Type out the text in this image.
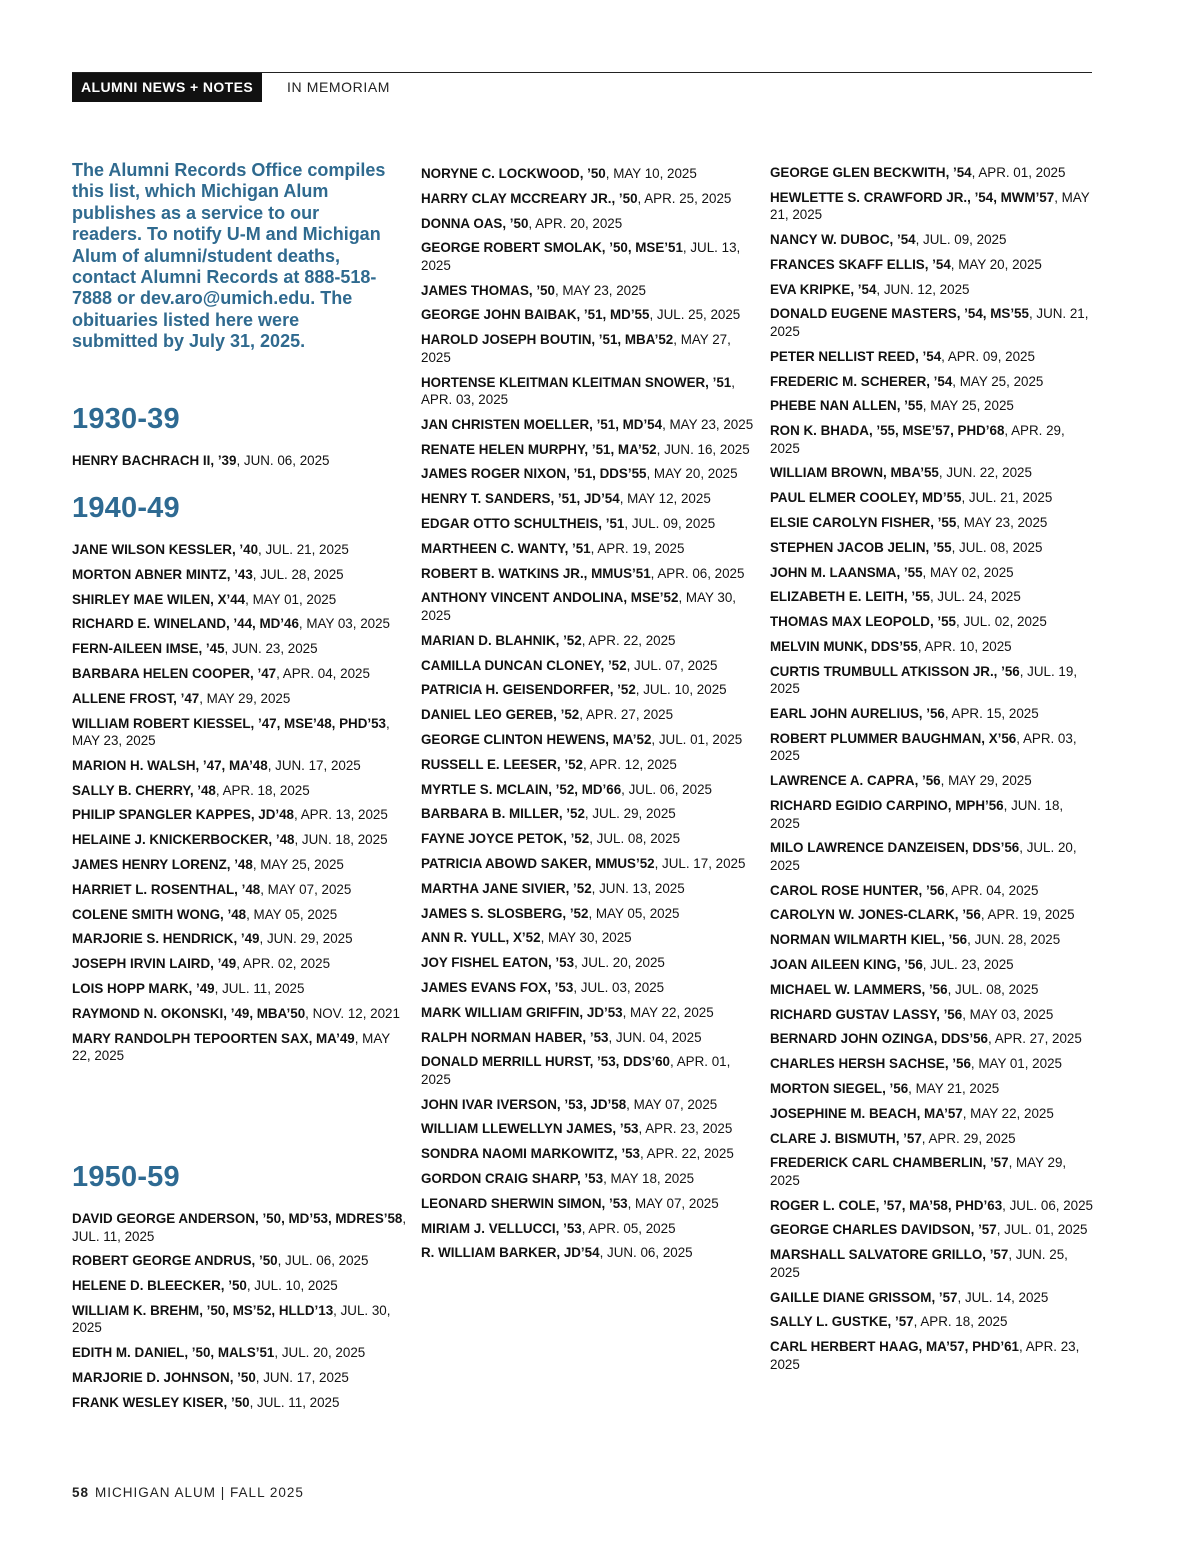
ALUMNI NEWS + NOTES	IN MEMORIAM
The Alumni Records Office compiles this list, which Michigan Alum publishes as a service to our readers. To notify U-M and Michigan Alum of alumni/student deaths, contact Alumni Records at 888-518-7888 or dev.aro@umich.edu. The obituaries listed here were submitted by July 31, 2025.
1930-39
HENRY BACHRACH II, ’39, JUN. 06, 2025
1940-49
JANE WILSON KESSLER, ’40, JUL. 21, 2025
MORTON ABNER MINTZ, ’43, JUL. 28, 2025
SHIRLEY MAE WILEN, X’44, MAY 01, 2025
RICHARD E. WINELAND, ’44, MD’46, MAY 03, 2025
FERN-AILEEN IMSE, ’45, JUN. 23, 2025
BARBARA HELEN COOPER, ’47, APR. 04, 2025
ALLENE FROST, ’47, MAY 29, 2025
WILLIAM ROBERT KIESSEL, ’47, MSE’48, PHD’53, MAY 23, 2025
MARION H. WALSH, ’47, MA’48, JUN. 17, 2025
SALLY B. CHERRY, ’48, APR. 18, 2025
PHILIP SPANGLER KAPPES, JD’48, APR. 13, 2025
HELAINE J. KNICKERBOCKER, ’48, JUN. 18, 2025
JAMES HENRY LORENZ, ’48, MAY 25, 2025
HARRIET L. ROSENTHAL, ’48, MAY 07, 2025
COLENE SMITH WONG, ’48, MAY 05, 2025
MARJORIE S. HENDRICK, ’49, JUN. 29, 2025
JOSEPH IRVIN LAIRD, ’49, APR. 02, 2025
LOIS HOPP MARK, ’49, JUL. 11, 2025
RAYMOND N. OKONSKI, ’49, MBA’50, NOV. 12, 2021
MARY RANDOLPH TEPOORTEN SAX, MA’49, MAY 22, 2025
1950-59
DAVID GEORGE ANDERSON, ’50, MD’53, MDRES’58, JUL. 11, 2025
ROBERT GEORGE ANDRUS, ’50, JUL. 06, 2025
HELENE D. BLEECKER, ’50, JUL. 10, 2025
WILLIAM K. BREHM, ’50, MS’52, HLLD’13, JUL. 30, 2025
EDITH M. DANIEL, ’50, MALS’51, JUL. 20, 2025
MARJORIE D. JOHNSON, ’50, JUN. 17, 2025
FRANK WESLEY KISER, ’50, JUL. 11, 2025
NORYNE C. LOCKWOOD, ’50, MAY 10, 2025
HARRY CLAY MCCREARY JR., ’50, APR. 25, 2025
DONNA OAS, ’50, APR. 20, 2025
GEORGE ROBERT SMOLAK, ’50, MSE’51, JUL. 13, 2025
JAMES THOMAS, ’50, MAY 23, 2025
GEORGE JOHN BAIBAK, ’51, MD’55, JUL. 25, 2025
HAROLD JOSEPH BOUTIN, ’51, MBA’52, MAY 27, 2025
HORTENSE KLEITMAN KLEITMAN SNOWER, ’51, APR. 03, 2025
JAN CHRISTEN MOELLER, ’51, MD’54, MAY 23, 2025
RENATE HELEN MURPHY, ’51, MA’52, JUN. 16, 2025
JAMES ROGER NIXON, ’51, DDS’55, MAY 20, 2025
HENRY T. SANDERS, ’51, JD’54, MAY 12, 2025
EDGAR OTTO SCHULTHEIS, ’51, JUL. 09, 2025
MARTHEEN C. WANTY, ’51, APR. 19, 2025
ROBERT B. WATKINS JR., MMUS’51, APR. 06, 2025
ANTHONY VINCENT ANDOLINA, MSE’52, MAY 30, 2025
MARIAN D. BLAHNIK, ’52, APR. 22, 2025
CAMILLA DUNCAN CLONEY, ’52, JUL. 07, 2025
PATRICIA H. GEISENDORFER, ’52, JUL. 10, 2025
DANIEL LEO GEREB, ’52, APR. 27, 2025
GEORGE CLINTON HEWENS, MA’52, JUL. 01, 2025
RUSSELL E. LEESER, ’52, APR. 12, 2025
MYRTLE S. MCLAIN, ’52, MD’66, JUL. 06, 2025
BARBARA B. MILLER, ’52, JUL. 29, 2025
FAYNE JOYCE PETOK, ’52, JUL. 08, 2025
PATRICIA ABOWD SAKER, MMUS’52, JUL. 17, 2025
MARTHA JANE SIVIER, ’52, JUN. 13, 2025
JAMES S. SLOSBERG, ’52, MAY 05, 2025
ANN R. YULL, X’52, MAY 30, 2025
JOY FISHEL EATON, ’53, JUL. 20, 2025
JAMES EVANS FOX, ’53, JUL. 03, 2025
MARK WILLIAM GRIFFIN, JD’53, MAY 22, 2025
RALPH NORMAN HABER, ’53, JUN. 04, 2025
DONALD MERRILL HURST, ’53, DDS’60, APR. 01, 2025
JOHN IVAR IVERSON, ’53, JD’58, MAY 07, 2025
WILLIAM LLEWELLYN JAMES, ’53, APR. 23, 2025
SONDRA NAOMI MARKOWITZ, ’53, APR. 22, 2025
GORDON CRAIG SHARP, ’53, MAY 18, 2025
LEONARD SHERWIN SIMON, ’53, MAY 07, 2025
MIRIAM J. VELLUCCI, ’53, APR. 05, 2025
R. WILLIAM BARKER, JD’54, JUN. 06, 2025
GEORGE GLEN BECKWITH, ’54, APR. 01, 2025
HEWLETTE S. CRAWFORD JR., ’54, MWM’57, MAY 21, 2025
NANCY W. DUBOC, ’54, JUL. 09, 2025
FRANCES SKAFF ELLIS, ’54, MAY 20, 2025
EVA KRIPKE, ’54, JUN. 12, 2025
DONALD EUGENE MASTERS, ’54, MS’55, JUN. 21, 2025
PETER NELLIST REED, ’54, APR. 09, 2025
FREDERIC M. SCHERER, ’54, MAY 25, 2025
PHEBE NAN ALLEN, ’55, MAY 25, 2025
RON K. BHADA, ’55, MSE’57, PHD’68, APR. 29, 2025
WILLIAM BROWN, MBA’55, JUN. 22, 2025
PAUL ELMER COOLEY, MD’55, JUL. 21, 2025
ELSIE CAROLYN FISHER, ’55, MAY 23, 2025
STEPHEN JACOB JELIN, ’55, JUL. 08, 2025
JOHN M. LAANSMA, ’55, MAY 02, 2025
ELIZABETH E. LEITH, ’55, JUL. 24, 2025
THOMAS MAX LEOPOLD, ’55, JUL. 02, 2025
MELVIN MUNK, DDS’55, APR. 10, 2025
CURTIS TRUMBULL ATKISSON JR., ’56, JUL. 19, 2025
EARL JOHN AURELIUS, ’56, APR. 15, 2025
ROBERT PLUMMER BAUGHMAN, X’56, APR. 03, 2025
LAWRENCE A. CAPRA, ’56, MAY 29, 2025
RICHARD EGIDIO CARPINO, MPH’56, JUN. 18, 2025
MILO LAWRENCE DANZEISEN, DDS’56, JUL. 20, 2025
CAROL ROSE HUNTER, ’56, APR. 04, 2025
CAROLYN W. JONES-CLARK, ’56, APR. 19, 2025
NORMAN WILMARTH KIEL, ’56, JUN. 28, 2025
JOAN AILEEN KING, ’56, JUL. 23, 2025
MICHAEL W. LAMMERS, ’56, JUL. 08, 2025
RICHARD GUSTAV LASSY, ’56, MAY 03, 2025
BERNARD JOHN OZINGA, DDS’56, APR. 27, 2025
CHARLES HERSH SACHSE, ’56, MAY 01, 2025
MORTON SIEGEL, ’56, MAY 21, 2025
JOSEPHINE M. BEACH, MA’57, MAY 22, 2025
CLARE J. BISMUTH, ’57, APR. 29, 2025
FREDERICK CARL CHAMBERLIN, ’57, MAY 29, 2025
ROGER L. COLE, ’57, MA’58, PHD’63, JUL. 06, 2025
GEORGE CHARLES DAVIDSON, ’57, JUL. 01, 2025
MARSHALL SALVATORE GRILLO, ’57, JUN. 25, 2025
GAILLE DIANE GRISSOM, ’57, JUL. 14, 2025
SALLY L. GUSTKE, ’57, APR. 18, 2025
CARL HERBERT HAAG, MA’57, PHD’61, APR. 23, 2025
58 MICHIGAN ALUM | FALL 2025
